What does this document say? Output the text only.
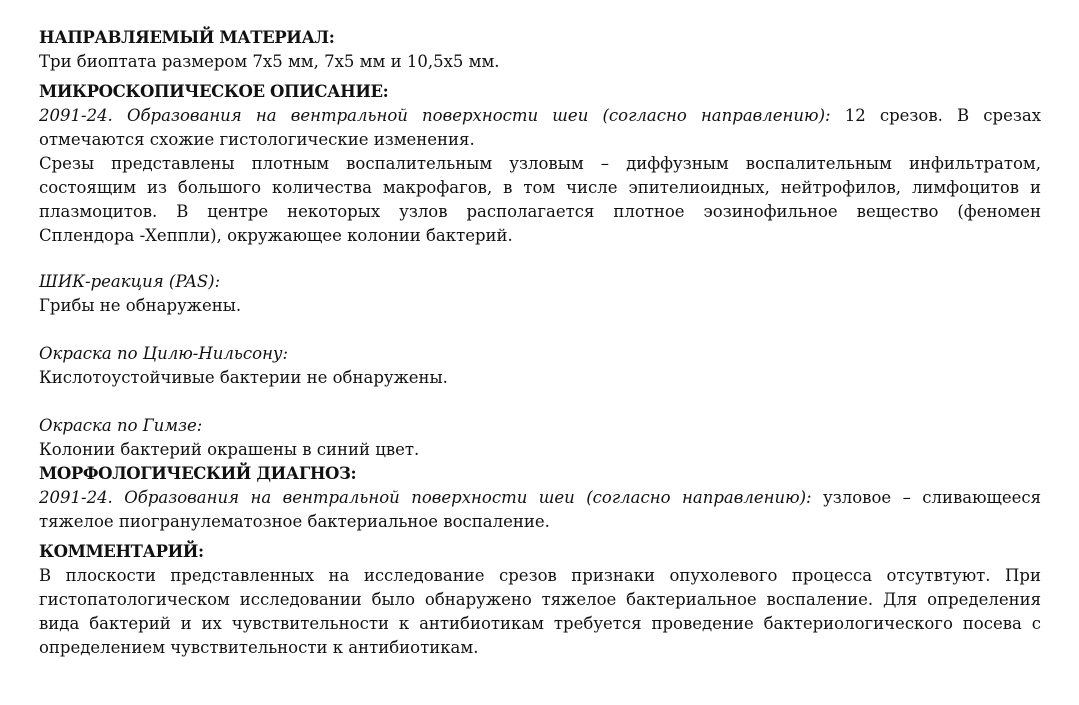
НАПРАВЛЯЕМЫЙ МАТЕРИАЛ:
Три биоптата размером 7х5 мм, 7х5 мм и 10,5х5 мм.
МИКРОСКОПИЧЕСКОЕ ОПИСАНИЕ:
2091-24. Образования на вентральной поверхности шеи (согласно направлению): 12 срезов. В срезах
отмечаются схожие гистологические изменения.
Срезы представлены плотным воспалительным узловым – диффузным воспалительным инфильтратом,
состоящим из большого количества макрофагов, в том числе эпителиоидных, нейтрофилов, лимфоцитов и
плазмоцитов. В центре некоторых узлов располагается плотное эозинофильное вещество (феномен
Сплендора -Хеппли), окружающее колонии бактерий.
ШИК-реакция (PAS):
Грибы не обнаружены.
Окраска по Цилю-Нильсону:
Кислотоустойчивые бактерии не обнаружены.
Окраска по Гимзе:
Колонии бактерий окрашены в синий цвет.
МОРФОЛОГИЧЕСКИЙ ДИАГНОЗ:
2091-24. Образования на вентральной поверхности шеи (согласно направлению): узловое – сливающееся
тяжелое пиогранулематозное бактериальное воспаление.
КОММЕНТАРИЙ:
В плоскости представленных на исследование срезов признаки опухолевого процесса отсутвтуют. При
гистопатологическом исследовании было обнаружено тяжелое бактериальное воспаление. Для определения
вида бактерий и их чувствительности к антибиотикам требуется проведение бактериологического посева с
определением чувствительности к антибиотикам.
